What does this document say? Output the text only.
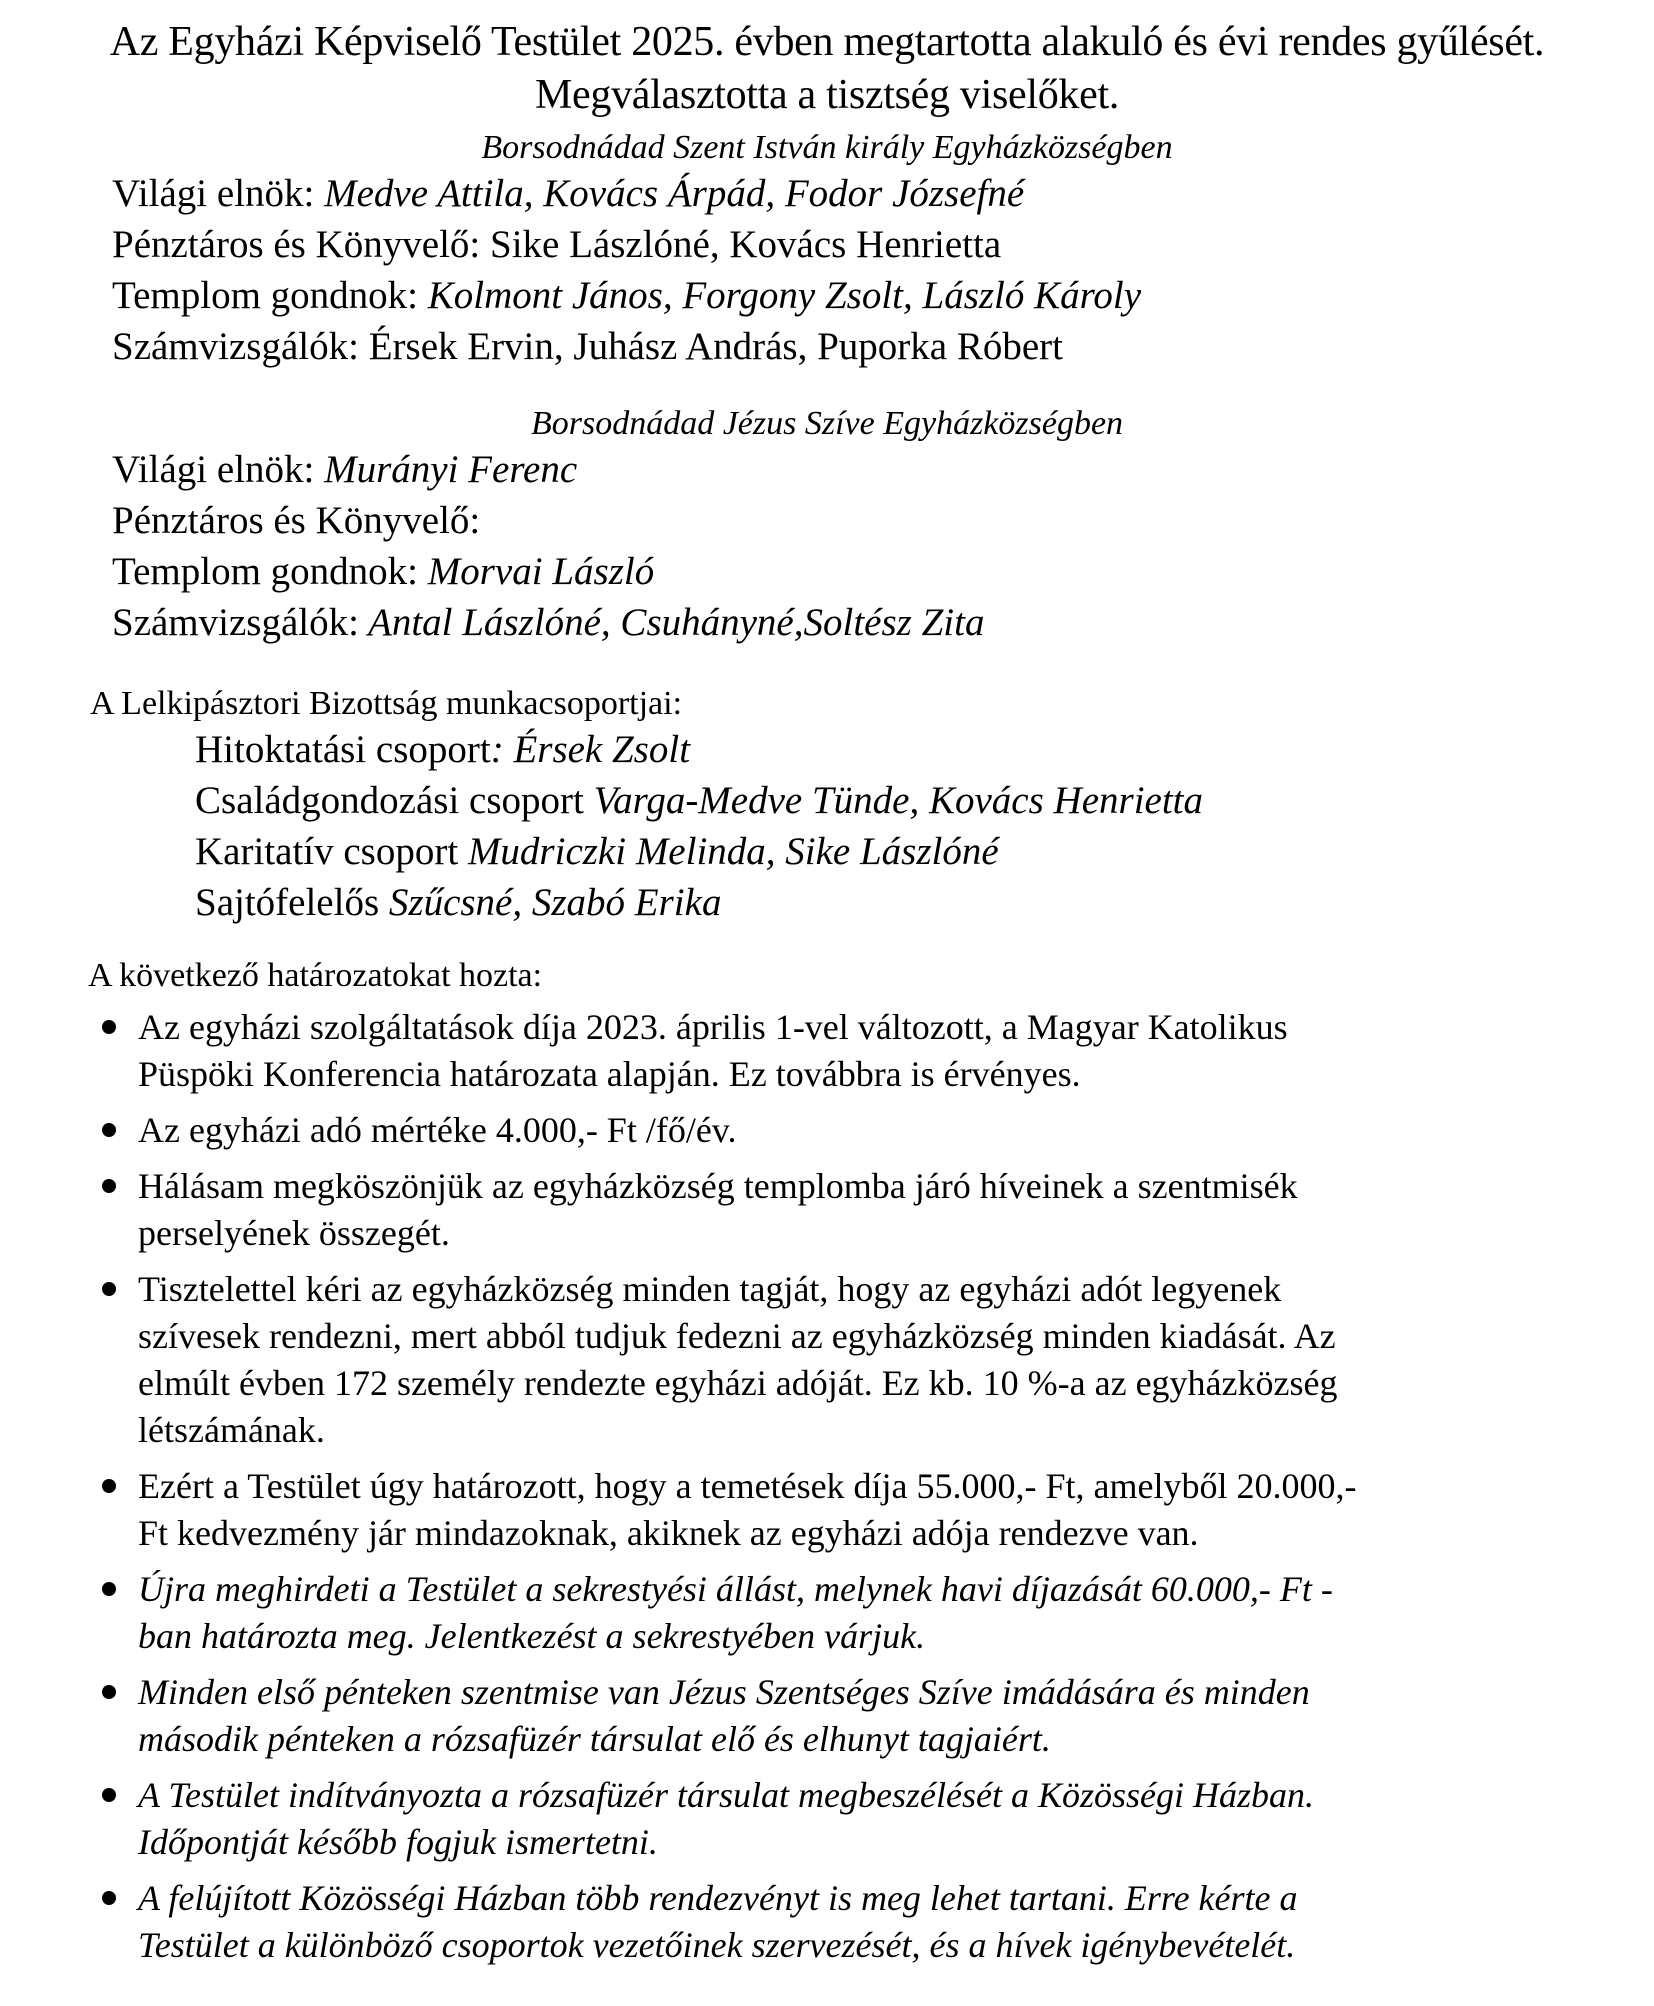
Az Egyházi Képviselő Testület 2025. évben megtartotta alakuló és évi rendes gyűlését.
Megválasztotta a tisztség viselőket.
Borsodnádad Szent István király Egyházközségben
Világi elnök: Medve Attila, Kovács Árpád, Fodor Józsefné
Pénztáros és Könyvelő: Sike Lászlóné, Kovács Henrietta
Templom gondnok: Kolmont János, Forgony Zsolt, László Károly
Számvizsgálók: Érsek Ervin, Juhász András, Puporka Róbert
Borsodnádad Jézus Szíve Egyházközségben
Világi elnök: Murányi Ferenc
Pénztáros és Könyvelő:
Templom gondnok: Morvai László
Számvizsgálók: Antal Lászlóné, Csuhányné,Soltész Zita
A Lelkipásztori Bizottság munkacsoportjai:
Hitoktatási csoport: Érsek Zsolt
Családgondozási csoport Varga-Medve Tünde, Kovács Henrietta
Karitatív csoport Mudriczki Melinda, Sike Lászlóné
Sajtófelelős Szűcsné, Szabó Erika
A következő határozatokat hozta:
Az egyházi szolgáltatások díja 2023. április 1-vel változott, a Magyar Katolikus
Püspöki Konferencia határozata alapján. Ez továbbra is érvényes.
Az egyházi adó mértéke 4.000,- Ft /fő/év.
Hálásam megköszönjük az egyházközség templomba járó híveinek a szentmisék
perselyének összegét.
Tisztelettel kéri az egyházközség minden tagját, hogy az egyházi adót legyenek
szívesek rendezni, mert abból tudjuk fedezni az egyházközség minden kiadását. Az
elmúlt évben 172 személy rendezte egyházi adóját. Ez kb. 10 %-a az egyházközség
létszámának.
Ezért a Testület úgy határozott, hogy a temetések díja 55.000,- Ft, amelyből 20.000,-
Ft kedvezmény jár mindazoknak, akiknek az egyházi adója rendezve van.
Újra meghirdeti a Testület a sekrestyési állást, melynek havi díjazását 60.000,- Ft -
ban határozta meg. Jelentkezést a sekrestyében várjuk.
Minden első pénteken szentmise van Jézus Szentséges Szíve imádására és minden
második pénteken a rózsafüzér társulat elő és elhunyt tagjaiért.
A Testület indítványozta a rózsafüzér társulat megbeszélését a Közösségi Házban.
Időpontját később fogjuk ismertetni.
A felújított Közösségi Házban több rendezvényt is meg lehet tartani. Erre kérte a
Testület a különböző csoportok vezetőinek szervezését, és a hívek igénybevételét.
